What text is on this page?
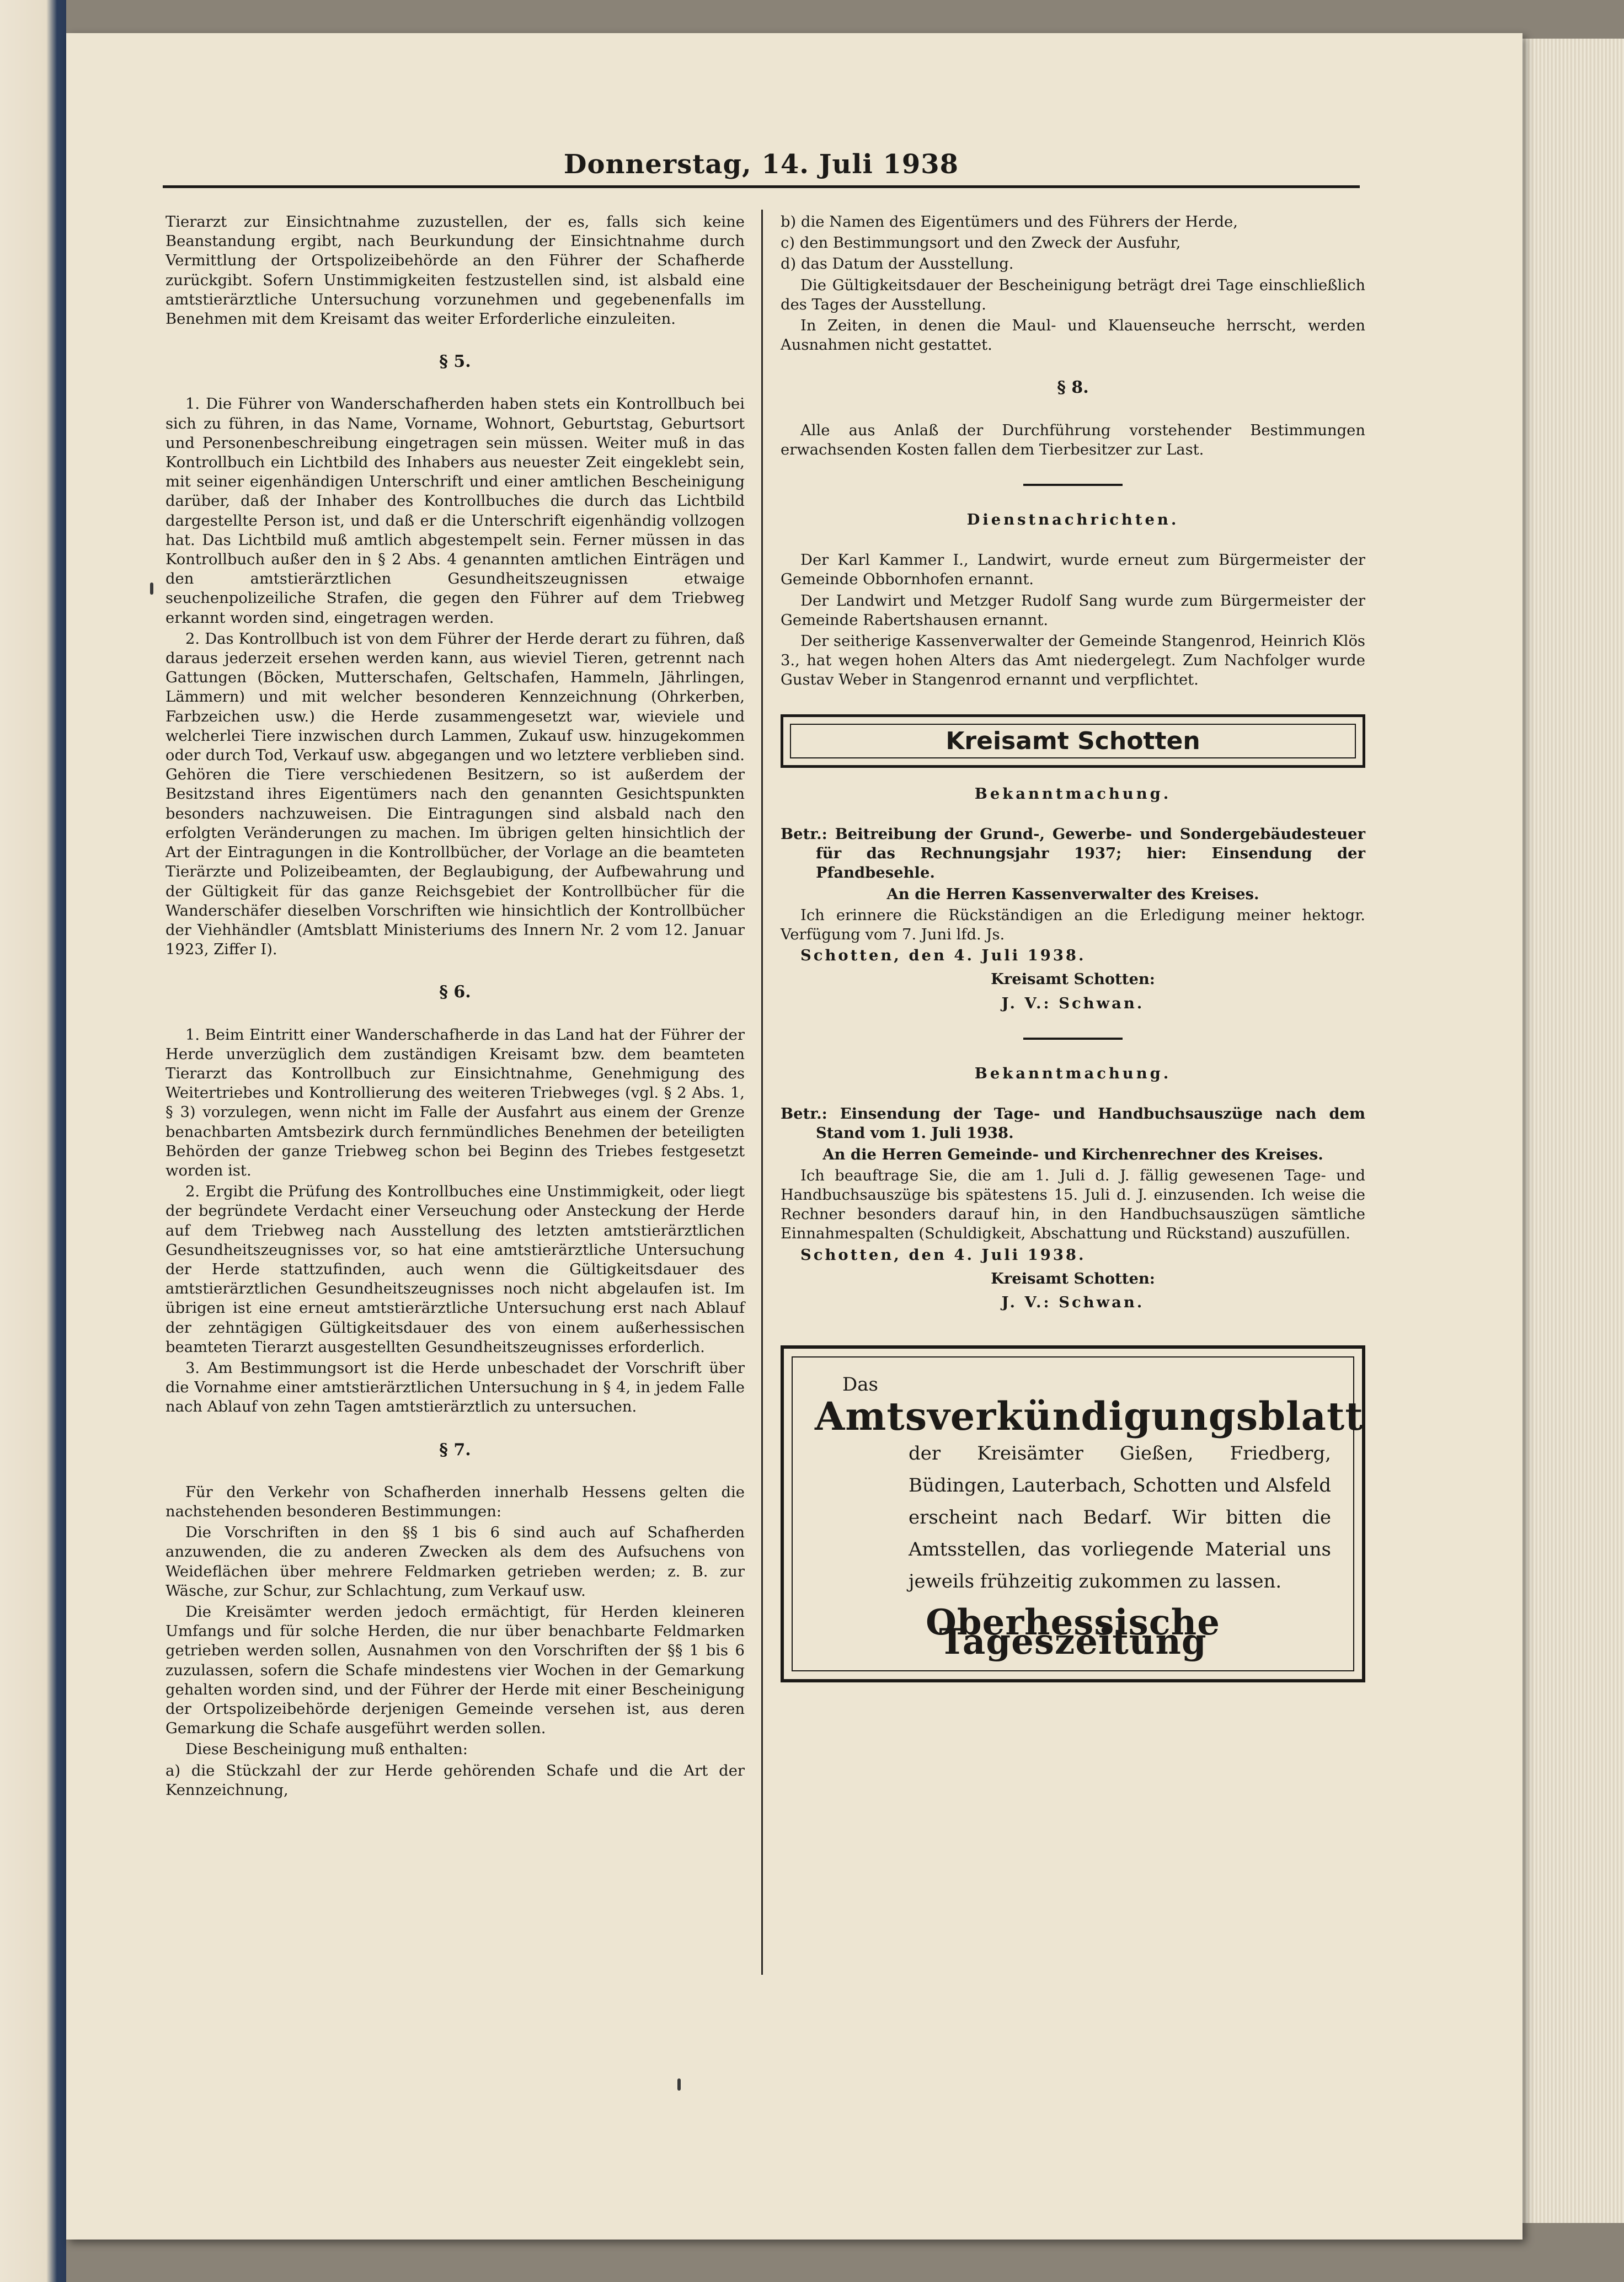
Donnerstag, 14. Juli 1938

Tierarzt zur Einsichtnahme zuzustellen, der es, falls sich keine Beanstandung ergibt, nach Beurkundung der Einsichtnahme durch Vermittlung der Ortspolizeibehörde an den Führer der Schafherde zurückgibt. Sofern Unstimmigkeiten festzustellen sind, ist alsbald eine amtstierärztliche Untersuchung vorzunehmen und gegebenenfalls im Benehmen mit dem Kreisamt das weiter Erforderliche einzuleiten.

§ 5.

1. Die Führer von Wanderschafherden haben stets ein Kontrollbuch bei sich zu führen, in das Name, Vorname, Wohnort, Geburtstag, Geburtsort und Personenbeschreibung eingetragen sein müssen. Weiter muß in das Kontrollbuch ein Lichtbild des Inhabers aus neuester Zeit eingeklebt sein, mit seiner eigenhändigen Unterschrift und einer amtlichen Bescheinigung darüber, daß der Inhaber des Kontrollbuches die durch das Lichtbild dargestellte Person ist, und daß er die Unterschrift eigenhändig vollzogen hat. Das Lichtbild muß amtlich abgestempelt sein. Ferner müssen in das Kontrollbuch außer den in § 2 Abs. 4 genannten amtlichen Einträgen und den amtstierärztlichen Gesundheitszeugnissen etwaige seuchenpolizeiliche Strafen, die gegen den Führer auf dem Triebweg erkannt worden sind, eingetragen werden.

2. Das Kontrollbuch ist von dem Führer der Herde derart zu führen, daß daraus jederzeit ersehen werden kann, aus wieviel Tieren, getrennt nach Gattungen (Böcken, Mutterschafen, Geltschafen, Hammeln, Jährlingen, Lämmern) und mit welcher besonderen Kennzeichnung (Ohrkerben, Farbzeichen usw.) die Herde zusammengesetzt war, wieviele und welcherlei Tiere inzwischen durch Lammen, Zukauf usw. hinzugekommen oder durch Tod, Verkauf usw. abgegangen und wo letztere verblieben sind. Gehören die Tiere verschiedenen Besitzern, so ist außerdem der Besitzstand ihres Eigentümers nach den genannten Gesichtspunkten besonders nachzuweisen. Die Eintragungen sind alsbald nach den erfolgten Veränderungen zu machen. Im übrigen gelten hinsichtlich der Art der Eintragungen in die Kontrollbücher, der Vorlage an die beamteten Tierärzte und Polizeibeamten, der Beglaubigung, der Aufbewahrung und der Gültigkeit für das ganze Reichsgebiet der Kontrollbücher für die Wanderschäfer dieselben Vorschriften wie hinsichtlich der Kontrollbücher der Viehhändler (Amtsblatt Ministeriums des Innern Nr. 2 vom 12. Januar 1923, Ziffer I).

§ 6.

1. Beim Eintritt einer Wanderschafherde in das Land hat der Führer der Herde unverzüglich dem zuständigen Kreisamt bzw. dem beamteten Tierarzt das Kontrollbuch zur Einsichtnahme, Genehmigung des Weitertriebes und Kontrollierung des weiteren Triebweges (vgl. § 2 Abs. 1, § 3) vorzulegen, wenn nicht im Falle der Ausfahrt aus einem der Grenze benachbarten Amtsbezirk durch fernmündliches Benehmen der beteiligten Behörden der ganze Triebweg schon bei Beginn des Triebes festgesetzt worden ist.

2. Ergibt die Prüfung des Kontrollbuches eine Unstimmigkeit, oder liegt der begründete Verdacht einer Verseuchung oder Ansteckung der Herde auf dem Triebweg nach Ausstellung des letzten amtstierärztlichen Gesundheitszeugnisses vor, so hat eine amtstierärztliche Untersuchung der Herde stattzufinden, auch wenn die Gültigkeitsdauer des amtstierärztlichen Gesundheitszeugnisses noch nicht abgelaufen ist. Im übrigen ist eine erneut amtstierärztliche Untersuchung erst nach Ablauf der zehntägigen Gültigkeitsdauer des von einem außerhessischen beamteten Tierarzt ausgestellten Gesundheitszeugnisses erforderlich.

3. Am Bestimmungsort ist die Herde unbeschadet der Vorschrift über die Vornahme einer amtstierärztlichen Untersuchung in § 4, in jedem Falle nach Ablauf von zehn Tagen amtstierärztlich zu untersuchen.

§ 7.

Für den Verkehr von Schafherden innerhalb Hessens gelten die nachstehenden besonderen Bestimmungen:

Die Vorschriften in den §§ 1 bis 6 sind auch auf Schafherden anzuwenden, die zu anderen Zwecken als dem des Aufsuchens von Weideflächen über mehrere Feldmarken getrieben werden; z. B. zur Wäsche, zur Schur, zur Schlachtung, zum Verkauf usw.

Die Kreisämter werden jedoch ermächtigt, für Herden kleineren Umfangs und für solche Herden, die nur über benachbarte Feldmarken getrieben werden sollen, Ausnahmen von den Vorschriften der §§ 1 bis 6 zuzulassen, sofern die Schafe mindestens vier Wochen in der Gemarkung gehalten worden sind, und der Führer der Herde mit einer Bescheinigung der Ortspolizeibehörde derjenigen Gemeinde versehen ist, aus deren Gemarkung die Schafe ausgeführt werden sollen.

Diese Bescheinigung muß enthalten:

a) die Stückzahl der zur Herde gehörenden Schafe und die Art der Kennzeichnung,

b) die Namen des Eigentümers und des Führers der Herde,

c) den Bestimmungsort und den Zweck der Ausfuhr,

d) das Datum der Ausstellung.

Die Gültigkeitsdauer der Bescheinigung beträgt drei Tage einschließlich des Tages der Ausstellung.

In Zeiten, in denen die Maul- und Klauenseuche herrscht, werden Ausnahmen nicht gestattet.

§ 8.

Alle aus Anlaß der Durchführung vorstehender Bestimmungen erwachsenden Kosten fallen dem Tierbesitzer zur Last.

Dienstnachrichten.

Der Karl Kammer I., Landwirt, wurde erneut zum Bürgermeister der Gemeinde Obbornhofen ernannt.

Der Landwirt und Metzger Rudolf Sang wurde zum Bürgermeister der Gemeinde Rabertshausen ernannt.

Der seitherige Kassenverwalter der Gemeinde Stangenrod, Heinrich Klös 3., hat wegen hohen Alters das Amt niedergelegt. Zum Nachfolger wurde Gustav Weber in Stangenrod ernannt und verpflichtet.

Kreisamt Schotten
Bekanntmachung.

Betr.: Beitreibung der Grund-, Gewerbe- und Sondergebäudesteuer für das Rechnungsjahr 1937; hier: Einsendung der Pfandbesehle.

An die Herren Kassenverwalter des Kreises.

Ich erinnere die Rückständigen an die Erledigung meiner hektogr. Verfügung vom 7. Juni lfd. Js.

Schotten, den 4. Juli 1938.

Kreisamt Schotten:
J. V.: Schwan.
Bekanntmachung.

Betr.: Einsendung der Tage- und Handbuchsauszüge nach dem Stand vom 1. Juli 1938.

An die Herren Gemeinde- und Kirchenrechner des Kreises.

Ich beauftrage Sie, die am 1. Juli d. J. fällig gewesenen Tage- und Handbuchsauszüge bis spätestens 15. Juli d. J. einzusenden. Ich weise die Rechner besonders darauf hin, in den Handbuchsauszügen sämtliche Einnahmespalten (Schuldigkeit, Abschattung und Rückstand) auszufüllen.

Schotten, den 4. Juli 1938.

Kreisamt Schotten:
J. V.: Schwan.
Das
Amtsverkündigungsblatt
der Kreisämter Gießen, Friedberg, Büdingen, Lauterbach, Schotten und Alsfeld erscheint nach Bedarf. Wir bitten die Amtsstellen, das vorliegende Material uns jeweils frühzeitig zukommen zu lassen.
Oberhessische Tageszeitung
